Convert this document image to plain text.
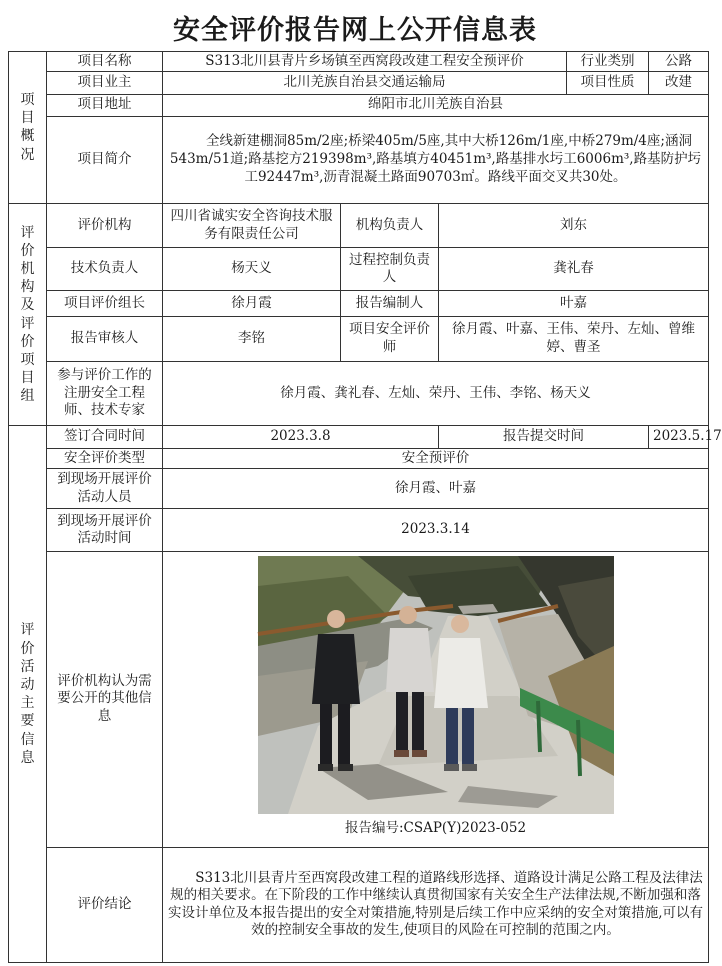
安全评价报告网上公开信息表
项目概况	项目名称	S313北川县青片乡场镇至西窝段改建工程安全预评价			行业类别	公路
	项目业主	北川羌族自治县交通运输局			项目性质	改建
	项目地址	绵阳市北川羌族自治县				
	项目简介	全线新建棚洞85m/2座;桥梁405m/5座,其中大桥126m/1座,中桥279m/4座;涵洞543m/51道;路基挖方219398m³,路基填方40451m³,路基排水圬工6006m³,路基防护圬工92447m³,沥青混凝土路面90703㎡。路线平面交叉共30处。				

评价机构及评价项目组	评价机构	四川省诚实安全咨询技术服务有限责任公司	机构负责人	刘东		
	技术负责人	杨天义	过程控制负责人	龚礼春		
	项目评价组长	徐月霞	报告编制人	叶嘉		
	报告审核人	李铭	项目安全评价师	徐月霞、叶嘉、王伟、荣丹、左灿、曾维婷、曹圣		
	参与评价工作的注册安全工程师、技术专家	徐月霞、龚礼春、左灿、荣丹、王伟、李铭、杨天义				

评价活动主要信息	签订合同时间	2023.3.8		报告提交时间		2023.5.17
	安全评价类型	安全预评价				
	到现场开展评价活动人员	徐月霞、叶嘉				
	到现场开展评价活动时间	2023.3.14				
	评价机构认为需要公开的其他信息	报告编号:CSAP(Y)2023-052				

	评价结论	S313北川县青片至西窝段改建工程的道路线形选择、道路设计满足公路工程及法律法规的相关要求。在下阶段的工作中继续认真贯彻国家有关安全生产法律法规,不断加强和落实设计单位及本报告提出的安全对策措施,特别是后续工作中应采纳的安全对策措施,可以有效的控制安全事故的发生,使项目的风险在可控制的范围之内。				
